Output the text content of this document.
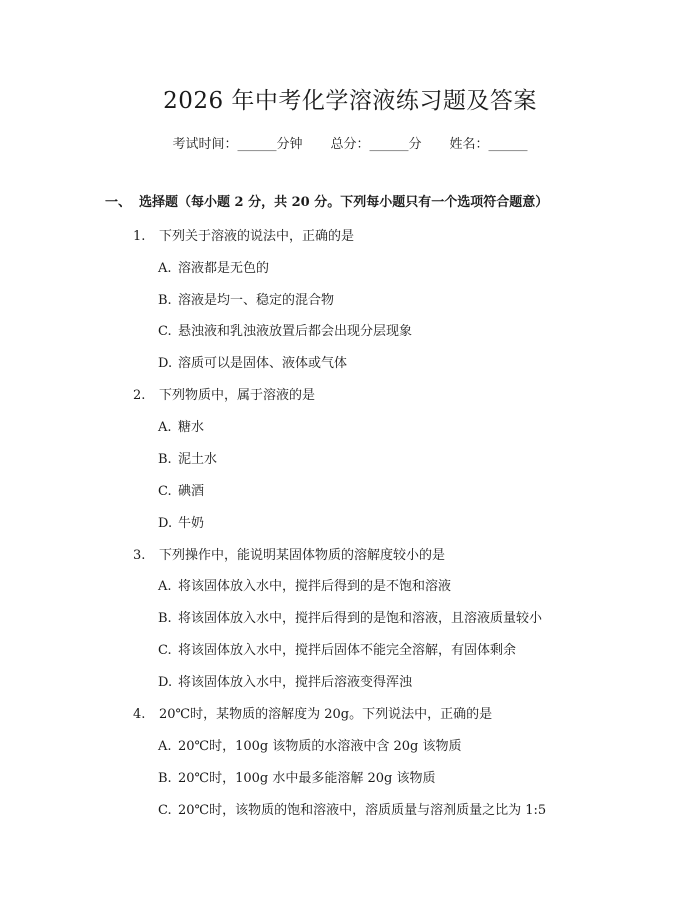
2026 年中考化学溶液练习题及答案
考试时间：______分钟 总分：______分 姓名：______
一、 选择题（每小题 2 分，共 20 分。下列每小题只有一个选项符合题意）
1. 下列关于溶液的说法中，正确的是
A. 溶液都是无色的
B. 溶液是均一、稳定的混合物
C. 悬浊液和乳浊液放置后都会出现分层现象
D. 溶质可以是固体、液体或气体
2. 下列物质中，属于溶液的是
A. 糖水
B. 泥土水
C. 碘酒
D. 牛奶
3. 下列操作中，能说明某固体物质的溶解度较小的是
A. 将该固体放入水中，搅拌后得到的是不饱和溶液
B. 将该固体放入水中，搅拌后得到的是饱和溶液，且溶液质量较小
C. 将该固体放入水中，搅拌后固体不能完全溶解，有固体剩余
D. 将该固体放入水中，搅拌后溶液变得浑浊
4. 20℃时，某物质的溶解度为 20g。下列说法中，正确的是
A. 20℃时，100g 该物质的水溶液中含 20g 该物质
B. 20℃时，100g 水中最多能溶解 20g 该物质
C. 20℃时，该物质的饱和溶液中，溶质质量与溶剂质量之比为 1:5
